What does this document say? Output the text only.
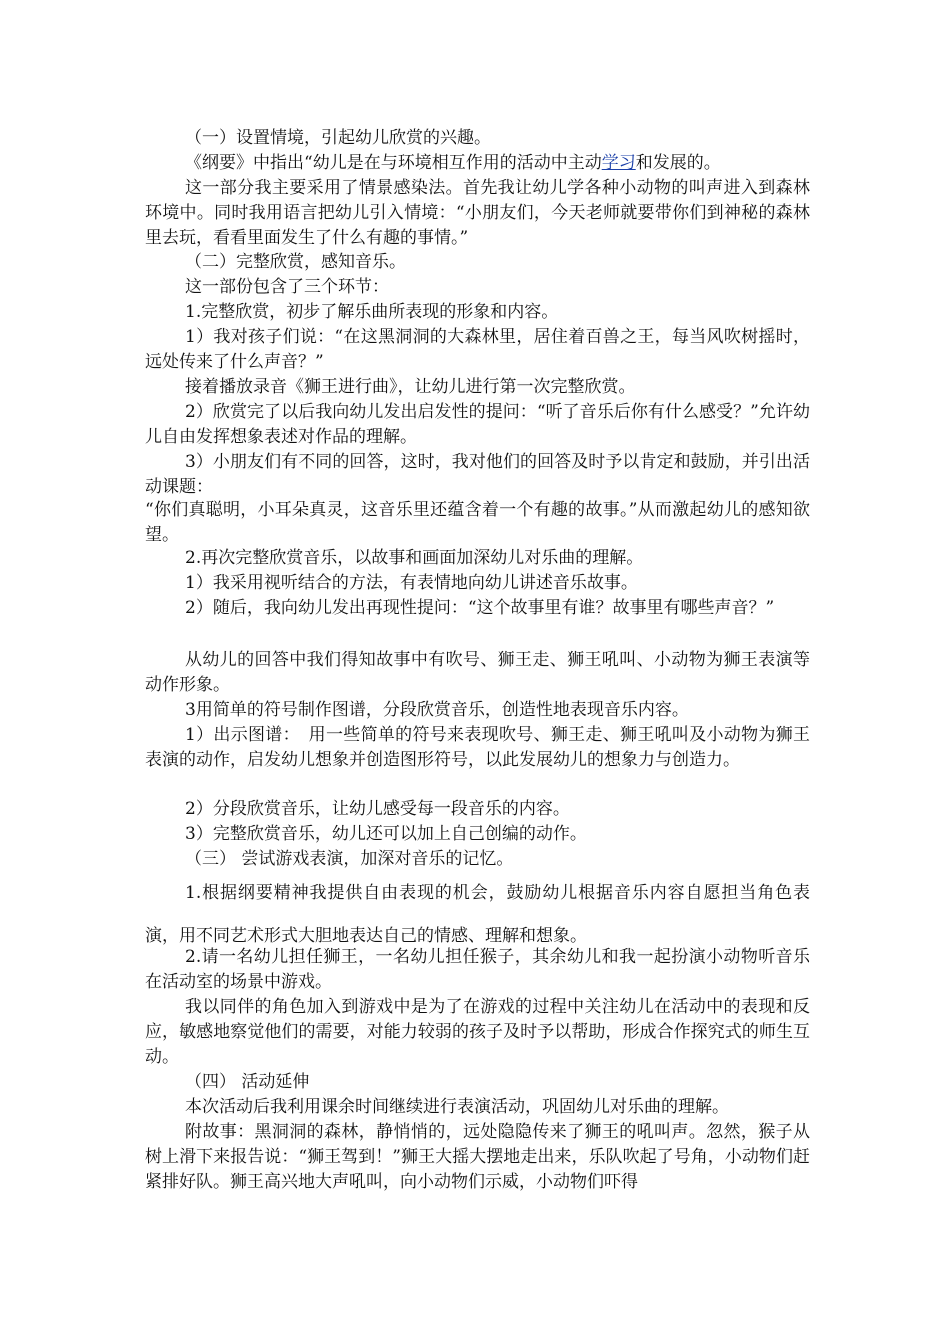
（一）设置情境，引起幼儿欣赏的兴趣。

《纲要》中指出“幼儿是在与环境相互作用的活动中主动学习和发展的。

这一部分我主要采用了情景感染法。首先我让幼儿学各种小动物的叫声进入到森林环境中。同时我用语言把幼儿引入情境：“小朋友们，今天老师就要带你们到神秘的森林里去玩，看看里面发生了什么有趣的事情。”

（二）完整欣赏，感知音乐。

这一部份包含了三个环节：

1.完整欣赏，初步了解乐曲所表现的形象和内容。

1）我对孩子们说：“在这黑洞洞的大森林里，居住着百兽之王，每当风吹树摇时，远处传来了什么声音？”

接着播放录音《狮王进行曲》，让幼儿进行第一次完整欣赏。

2）欣赏完了以后我向幼儿发出启发性的提问：“听了音乐后你有什么感受？”允许幼儿自由发挥想象表述对作品的理解。

3）小朋友们有不同的回答，这时，我对他们的回答及时予以肯定和鼓励，并引出活动课题：

“你们真聪明，小耳朵真灵，这音乐里还蕴含着一个有趣的故事。”从而激起幼儿的感知欲望。

2.再次完整欣赏音乐，以故事和画面加深幼儿对乐曲的理解。

1）我采用视听结合的方法，有表情地向幼儿讲述音乐故事。

2）随后，我向幼儿发出再现性提问：“这个故事里有谁？故事里有哪些声音？”

从幼儿的回答中我们得知故事中有吹号、狮王走、狮王吼叫、小动物为狮王表演等动作形象。

3用简单的符号制作图谱，分段欣赏音乐，创造性地表现音乐内容。

1）出示图谱：　用一些简单的符号来表现吹号、狮王走、狮王吼叫及小动物为狮王表演的动作，启发幼儿想象并创造图形符号，以此发展幼儿的想象力与创造力。

2）分段欣赏音乐，让幼儿感受每一段音乐的内容。

3）完整欣赏音乐，幼儿还可以加上自己创编的动作。

（三） 尝试游戏表演，加深对音乐的记忆。

1.根据纲要精神我提供自由表现的机会，鼓励幼儿根据音乐内容自愿担当角色表演，用不同艺术形式大胆地表达自己的情感、理解和想象。

2.请一名幼儿担任狮王，一名幼儿担任猴子，其余幼儿和我一起扮演小动物听音乐在活动室的场景中游戏。

我以同伴的角色加入到游戏中是为了在游戏的过程中关注幼儿在活动中的表现和反应，敏感地察觉他们的需要，对能力较弱的孩子及时予以帮助，形成合作探究式的师生互动。

（四） 活动延伸

本次活动后我利用课余时间继续进行表演活动，巩固幼儿对乐曲的理解。

附故事：黑洞洞的森林，静悄悄的，远处隐隐传来了狮王的吼叫声。忽然，猴子从树上滑下来报告说：“狮王驾到！”狮王大摇大摆地走出来，乐队吹起了号角，小动物们赶紧排好队。狮王高兴地大声吼叫，向小动物们示威，小动物们吓得
